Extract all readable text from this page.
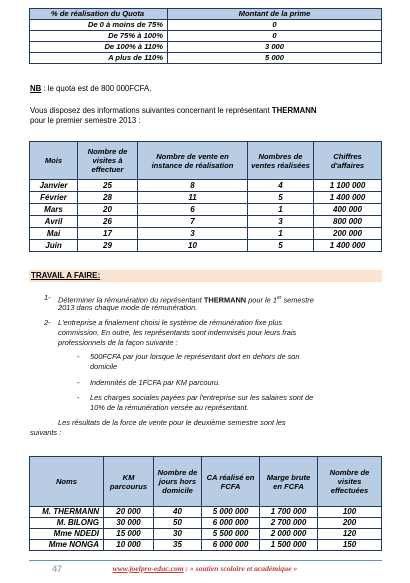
% de réalisation du Quota	Montant de la prime
De 0 à moins de 75%	0
De 75% à 100%	0
De 100% à 110%	3 000
A plus de 110%	5 000
NB : le quota est de 800 000FCFA.
Vous disposez des informations suivantes concernant le représentant THERMANN
pour le premier semestre 2013 :
Mois	Nombre de visites à effectuer	Nombre de vente en instance de réalisation	Nombres de ventes réalisées	Chiffres d'affaires
Janvier	25	8	4	1 100 000
Février	28	11	5	1 400 000
Mars	20	6	1	400 000
Avril	26	7	3	800 000
Mai	17	3	1	200 000
Juin	29	10	5	1 400 000
TRAVAIL A FAIRE:
1- Déterminer la rémunération du représentant THERMANN pour le 1er semestre
2013 dans chaque mode de rémunération.
2- L'entreprise a finalement choisi le système de rémunération fixe plus
commission. En outre, les représentants sont indemnisés pour leurs frais
professionnels de la façon suivante :
- 500FCFA par jour lorsque le représentant dort en dehors de son
domicile
- Indemnités de 1FCFA par KM parcouru.
- Les charges sociales payées par l'entreprise sur les salaires sont de
10% de la rémunération versée au représentant.
Les résultats de la force de vente pour le deuxième semestre sont les
suivants :
Noms	KM parcourus	Nombre de jours hors domicile	CA réalisé en FCFA	Marge brute en FCFA	Nombre de visites effectuées
M. THERMANN	20 000	40	5 000 000	1 700 000	100
M. BILONG	30 000	50	6 000 000	2 700 000	200
Mme NDEDI	15 000	30	5 500 000	2 000 000	120
Mme NONGA	10 000	35	6 000 000	1 500 000	150
47	www.joelpro-educ.com : « soutien scolaire et académique »
